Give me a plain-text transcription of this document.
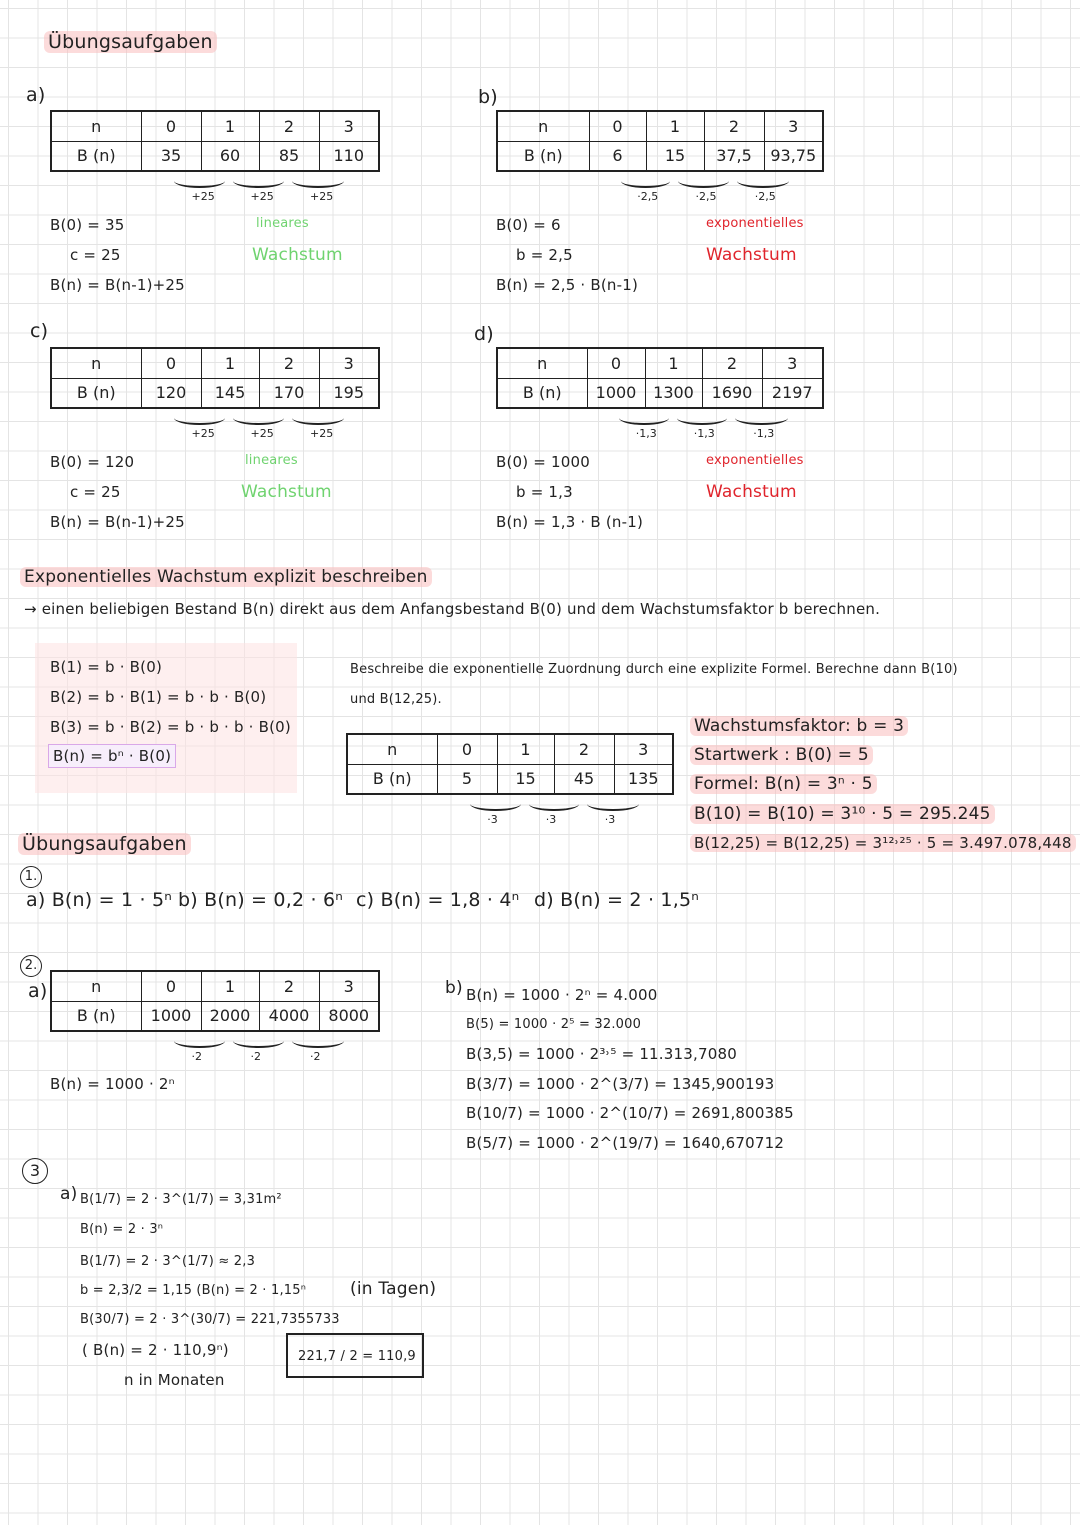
Übungsaufgaben
Exponentielles Wachstum explizit beschreiben
→ einen beliebigen Bestand B(n) direkt aus dem Anfangsbestand B(0) und dem Wachstumsfaktor b berechnen.
B(1) = b · B(0)
B(2) = b · B(1) = b · b · B(0)
B(3) = b · B(2) = b · b · b · B(0)
B(n) = bⁿ · B(0)
Beschreibe die exponentielle Zuordnung durch eine explizite Formel. Berechne dann B(10)
und B(12,25).
Wachstumsfaktor: b = 3
Startwerk : B(0) = 5
Formel: B(n) = 3ⁿ · 5
B(10) = B(10) = 3¹⁰ · 5 = 295.245
B(12,25) = B(12,25) = 3¹²˒²⁵ · 5 = 3.497.078,448
Übungsaufgaben
1.
a) B(n) = 1 · 5ⁿ b) B(n) = 0,2 · 6ⁿ c) B(n) = 1,8 · 4ⁿ d) B(n) = 2 · 1,5ⁿ
2.
B(n) = 1000 · 2ⁿ
b) B(n) = 1000 · 2ⁿ = 4.000
B(5) = 1000 · 2⁵ = 32.000
B(3,5) = 1000 · 2³˒⁵ = 11.313,7080
B(3/7) = 1000 · 2^(3/7) = 1345,900193
B(10/7) = 1000 · 2^(10/7) = 2691,800385
B(5/7) = 1000 · 2^(19/7) = 1640,670712
3
a) B(1/7) = 2 · 3^(1/7) = 3,31m²
B(n) = 2 · 3ⁿ
B(1/7) = 2 · 3^(1/7) ≈ 2,3
b = 2,3/2 = 1,15 (B(n) = 2 · 1,15ⁿ
B(30/7) = 2 · 3^(30/7) = 221,7355733
( B(n) = 2 · 110,9ⁿ)
n in Monaten
(in Tagen)
221,7 / 2 = 110,9
a)
n	0	1	2	3
B (n)	35	60	85	110
+25	+25	+25
B(0) = 35
c = 25
B(n) = B(n-1)+25
lineares
Wachstum
b)
n	0	1	2	3
B (n)	6	15	37,5	93,75
·2,5	·2,5	·2,5
B(0) = 6
b = 2,5
B(n) = 2,5 · B(n-1)
exponentielles
Wachstum
c)
n	0	1	2	3
B (n)	120	145	170	195
+25	+25	+25
B(0) = 120
c = 25
B(n) = B(n-1)+25
lineares
Wachstum
d)
n	0	1	2	3
B (n)	1000	1300	1690	2197
·1,3	·1,3	·1,3
B(0) = 1000
b = 1,3
B(n) = 1,3 · B (n-1)
exponentielles
Wachstum
n	0	1	2	3
B (n)	5	15	45	135
·3	·3	·3
a)	n	0	1	2	3
B (n)	1000	2000	4000	8000
·2	·2	·2
